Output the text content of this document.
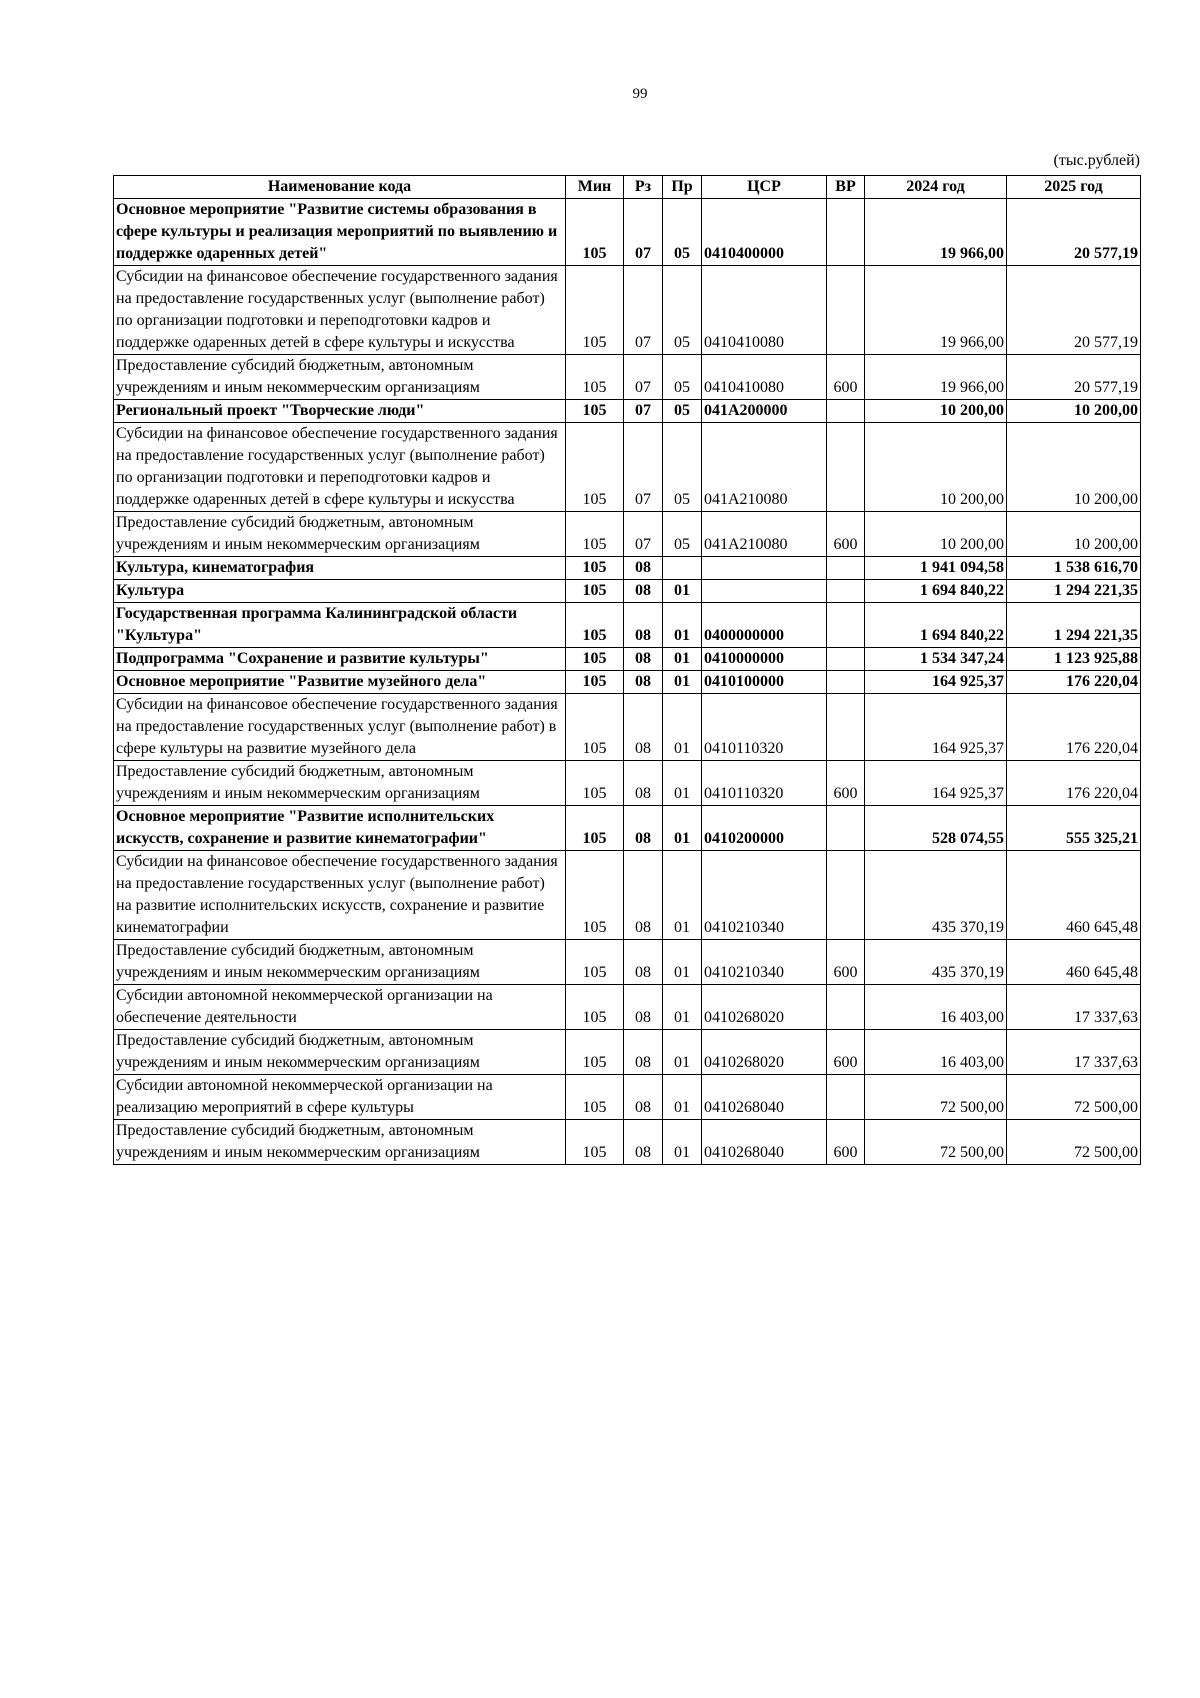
99
(тыс.рублей)
Наименование кода	Мин	Рз	Пр	ЦСР	ВР	2024 год	2025 год
Основное мероприятие "Развитие системы образования в сфере культуры и реализация мероприятий по выявлению и поддержке одаренных детей"	105	07	05	0410400000		19 966,00	20 577,19
Субсидии на финансовое обеспечение государственного задания на предоставление государственных услуг (выполнение работ) по организации подготовки и переподготовки кадров и поддержке одаренных детей в сфере культуры и искусства	105	07	05	0410410080		19 966,00	20 577,19
Предоставление субсидий бюджетным, автономным учреждениям и иным некоммерческим организациям	105	07	05	0410410080	600	19 966,00	20 577,19
Региональный проект "Творческие люди"	105	07	05	041А200000		10 200,00	10 200,00
Субсидии на финансовое обеспечение государственного задания на предоставление государственных услуг (выполнение работ) по организации подготовки и переподготовки кадров и поддержке одаренных детей в сфере культуры и искусства	105	07	05	041А210080		10 200,00	10 200,00
Предоставление субсидий бюджетным, автономным учреждениям и иным некоммерческим организациям	105	07	05	041А210080	600	10 200,00	10 200,00
Культура, кинематография	105	08				1 941 094,58	1 538 616,70
Культура	105	08	01			1 694 840,22	1 294 221,35
Государственная программа Калининградской области "Культура"	105	08	01	0400000000		1 694 840,22	1 294 221,35
Подпрограмма "Сохранение и развитие культуры"	105	08	01	0410000000		1 534 347,24	1 123 925,88
Основное мероприятие "Развитие музейного дела"	105	08	01	0410100000		164 925,37	176 220,04
Субсидии на финансовое обеспечение государственного задания на предоставление государственных услуг (выполнение работ) в сфере культуры на развитие музейного дела	105	08	01	0410110320		164 925,37	176 220,04
Предоставление субсидий бюджетным, автономным учреждениям и иным некоммерческим организациям	105	08	01	0410110320	600	164 925,37	176 220,04
Основное мероприятие "Развитие исполнительских искусств, сохранение и развитие кинематографии"	105	08	01	0410200000		528 074,55	555 325,21
Субсидии на финансовое обеспечение государственного задания на предоставление государственных услуг (выполнение работ) на развитие исполнительских искусств, сохранение и развитие кинематографии	105	08	01	0410210340		435 370,19	460 645,48
Предоставление субсидий бюджетным, автономным учреждениям и иным некоммерческим организациям	105	08	01	0410210340	600	435 370,19	460 645,48
Субсидии автономной некоммерческой организации на обеспечение деятельности	105	08	01	0410268020		16 403,00	17 337,63
Предоставление субсидий бюджетным, автономным учреждениям и иным некоммерческим организациям	105	08	01	0410268020	600	16 403,00	17 337,63
Субсидии автономной некоммерческой организации на реализацию мероприятий в сфере культуры	105	08	01	0410268040		72 500,00	72 500,00
Предоставление субсидий бюджетным, автономным учреждениям и иным некоммерческим организациям	105	08	01	0410268040	600	72 500,00	72 500,00
